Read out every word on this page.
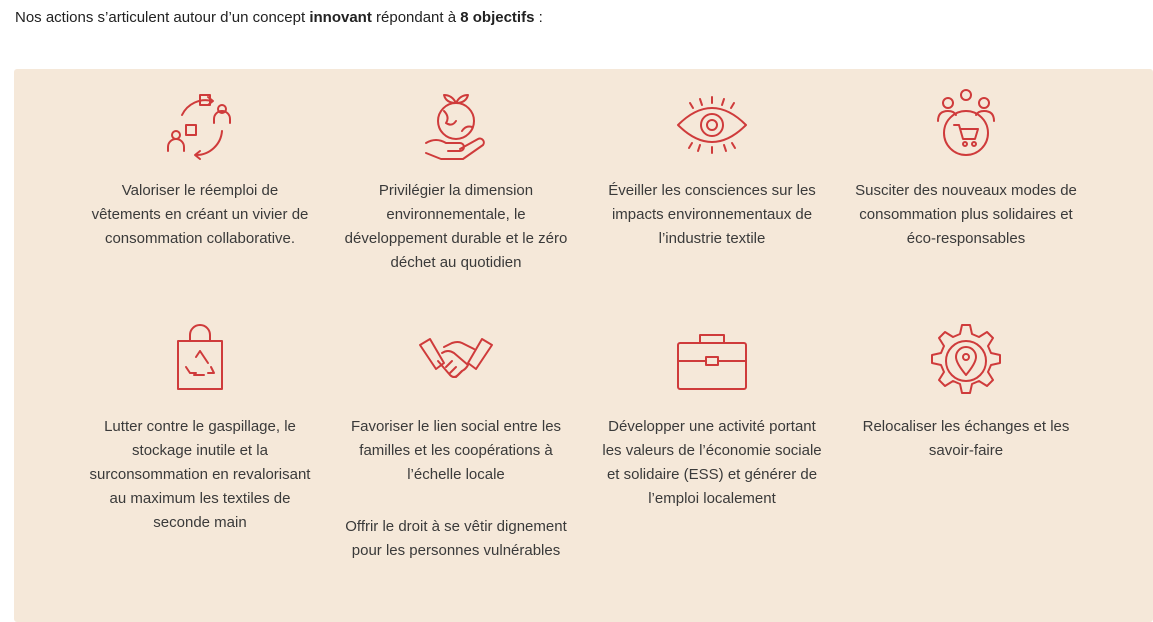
Nos actions s’articulent autour d’un concept innovant répondant à 8 objectifs :

Valoriser le réemploi de vêtements en créant un vivier de consommation collaborative.

Privilégier la dimension environnementale, le développement durable et le zéro déchet au quotidien

Éveiller les consciences sur les impacts environnementaux de l’industrie textile

Susciter des nouveaux modes de consommation plus solidaires et éco-responsables

Lutter contre le gaspillage, le stockage inutile et la surconsommation en revalorisant au maximum les textiles de seconde main

Favoriser le lien social entre les familles et les coopérations à l’échelle locale

Offrir le droit à se vêtir dignement pour les personnes vulnérables

Développer une activité portant les valeurs de l’économie sociale et solidaire (ESS) et générer de l’emploi localement

Relocaliser les échanges et les savoir-faire
